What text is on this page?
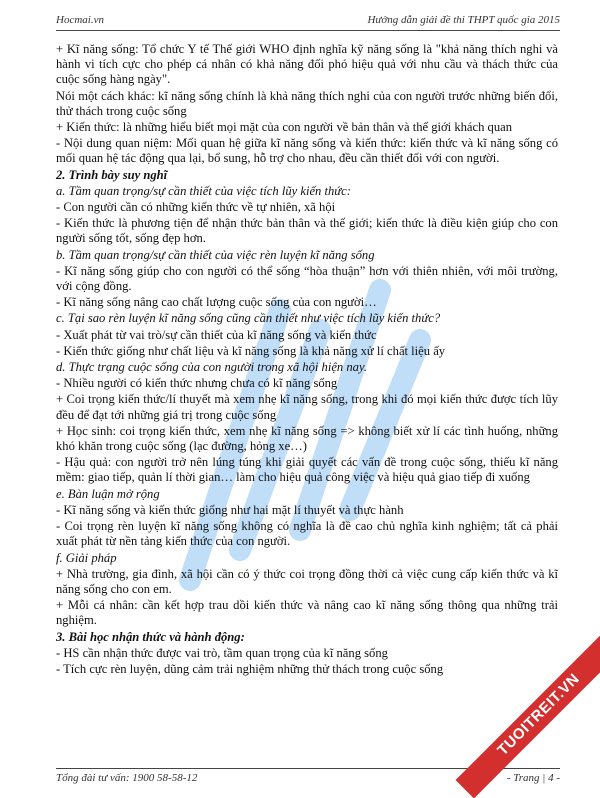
Hocmai.vn	Hướng dẫn giải đề thi THPT quốc gia 2015

+ Kĩ năng sống: Tổ chức Y tế Thế giới WHO định nghĩa kỹ năng sống là "khả năng thích nghi và hành vi tích cực cho phép cá nhân có khả năng đối phó hiệu quả với nhu cầu và thách thức của cuộc sống hàng ngày".

Nói một cách khác: kĩ năng sống chính là khả năng thích nghi của con người trước những biến đổi, thử thách trong cuộc sống

+ Kiến thức: là những hiểu biết mọi mặt của con người về bản thân và thế giới khách quan

- Nội dung quan niệm: Mối quan hệ giữa kĩ năng sống và kiến thức: kiến thức và kĩ năng sống có mối quan hệ tác động qua lại, bổ sung, hỗ trợ cho nhau, đều cần thiết đối với con người.

2. Trình bày suy nghĩ

a. Tầm quan trọng/sự cần thiết của việc tích lũy kiến thức:

- Con người cần có những kiến thức về tự nhiên, xã hội

- Kiến thức là phương tiện để nhận thức bản thân và thế giới; kiến thức là điều kiện giúp cho con người sống tốt, sống đẹp hơn.

b. Tầm quan trọng/sự cần thiết của việc rèn luyện kĩ năng sống

- Kĩ năng sống giúp cho con người có thể sống “hòa thuận” hơn với thiên nhiên, với môi trường, với cộng đồng.

- Kĩ năng sống nâng cao chất lượng cuộc sống của con người…

c. Tại sao rèn luyện kĩ năng sống cũng cần thiết như việc tích lũy kiến thức?

- Xuất phát từ vai trò/sự cần thiết của kĩ năng sống và kiến thức

- Kiến thức giống như chất liệu và kĩ năng sống là khả năng xử lí chất liệu ấy

d. Thực trạng cuộc sống của con người trong xã hội hiện nay.

- Nhiều người có kiến thức nhưng chưa có kĩ năng sống

+ Coi trọng kiến thức/lí thuyết mà xem nhẹ kĩ năng sống, trong khi đó mọi kiến thức được tích lũy đều để đạt tới những giá trị trong cuộc sống

+ Học sinh: coi trọng kiến thức, xem nhẹ kĩ năng sống => không biết xử lí các tình huống, những khó khăn trong cuộc sống (lạc đường, hỏng xe…)

- Hậu quả: con người trở nên lúng túng khi giải quyết các vấn đề trong cuộc sống, thiếu kĩ năng mềm: giao tiếp, quản lí thời gian… làm cho hiệu quả công việc và hiệu quả giao tiếp đi xuống

e. Bàn luận mở rộng

- Kĩ năng sống và kiến thức giống như hai mặt lí thuyết và thực hành

- Coi trọng rèn luyện kĩ năng sống không có nghĩa là đề cao chủ nghĩa kinh nghiệm; tất cả phải xuất phát từ nền tảng kiến thức của con người.

f. Giải pháp

+ Nhà trường, gia đình, xã hội cần có ý thức coi trọng đồng thời cả việc cung cấp kiến thức và kĩ năng sống cho con em.

+ Mỗi cá nhân: cần kết hợp trau dồi kiến thức và nâng cao kĩ năng sống thông qua những trải nghiệm.

3. Bài học nhận thức và hành động:

- HS cần nhận thức được vai trò, tầm quan trọng của kĩ năng sống

- Tích cực rèn luyện, dũng cảm trải nghiệm những thử thách trong cuộc sống

Tổng đài tư vấn: 1900 58-58-12	- Trang | 4 -
TUOITREIT.VN
